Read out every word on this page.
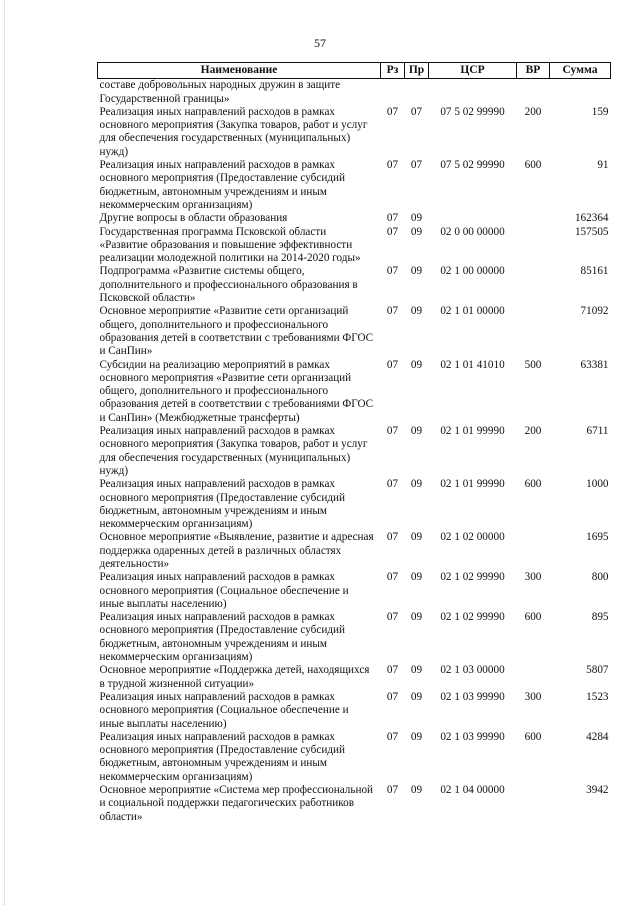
57
Наименование	Рз	Пр	ЦСР	ВР	Сумма
составе добровольных народных дружин в защите Государственной границы»					
Реализация иных направлений расходов в рамках основного мероприятия (Закупка товаров, работ и услуг для обеспечения государственных (муниципальных) нужд)	07	07	07 5 02 99990	200	159
Реализация иных направлений расходов в рамках основного мероприятия (Предоставление субсидий бюджетным, автономным учреждениям и иным некоммерческим организациям)	07	07	07 5 02 99990	600	91
Другие вопросы в области образования	07	09			162364
Государственная программа Псковской области «Развитие образования и повышение эффективности реализации молодежной политики на 2014-2020 годы»	07	09	02 0 00 00000		157505
Подпрограмма «Развитие системы общего, дополнительного и профессионального образования в Псковской области»	07	09	02 1 00 00000		85161
Основное мероприятие «Развитие сети организаций общего, дополнительного и профессионального образования детей в соответствии с требованиями ФГОС и СанПин»	07	09	02 1 01 00000		71092
Субсидии на реализацию мероприятий в рамках основного мероприятия «Развитие сети организаций общего, дополнительного и профессионального образования детей в соответствии с требованиями ФГОС и СанПин» (Межбюджетные трансферты)	07	09	02 1 01 41010	500	63381
Реализация иных направлений расходов в рамках основного мероприятия (Закупка товаров, работ и услуг для обеспечения государственных (муниципальных) нужд)	07	09	02 1 01 99990	200	6711
Реализация иных направлений расходов в рамках основного мероприятия (Предоставление субсидий бюджетным, автономным учреждениям и иным некоммерческим организациям)	07	09	02 1 01 99990	600	1000
Основное мероприятие «Выявление, развитие и адресная поддержка одаренных детей в различных областях деятельности»	07	09	02 1 02 00000		1695
Реализация иных направлений расходов в рамках основного мероприятия (Социальное обеспечение и иные выплаты населению)	07	09	02 1 02 99990	300	800
Реализация иных направлений расходов в рамках основного мероприятия (Предоставление субсидий бюджетным, автономным учреждениям и иным некоммерческим организациям)	07	09	02 1 02 99990	600	895
Основное мероприятие «Поддержка детей, находящихся в трудной жизненной ситуации»	07	09	02 1 03 00000		5807
Реализация иных направлений расходов в рамках основного мероприятия (Социальное обеспечение и иные выплаты населению)	07	09	02 1 03 99990	300	1523
Реализация иных направлений расходов в рамках основного мероприятия (Предоставление субсидий бюджетным, автономным учреждениям и иным некоммерческим организациям)	07	09	02 1 03 99990	600	4284
Основное мероприятие «Система мер профессиональной и социальной поддержки педагогических работников области»	07	09	02 1 04 00000		3942
